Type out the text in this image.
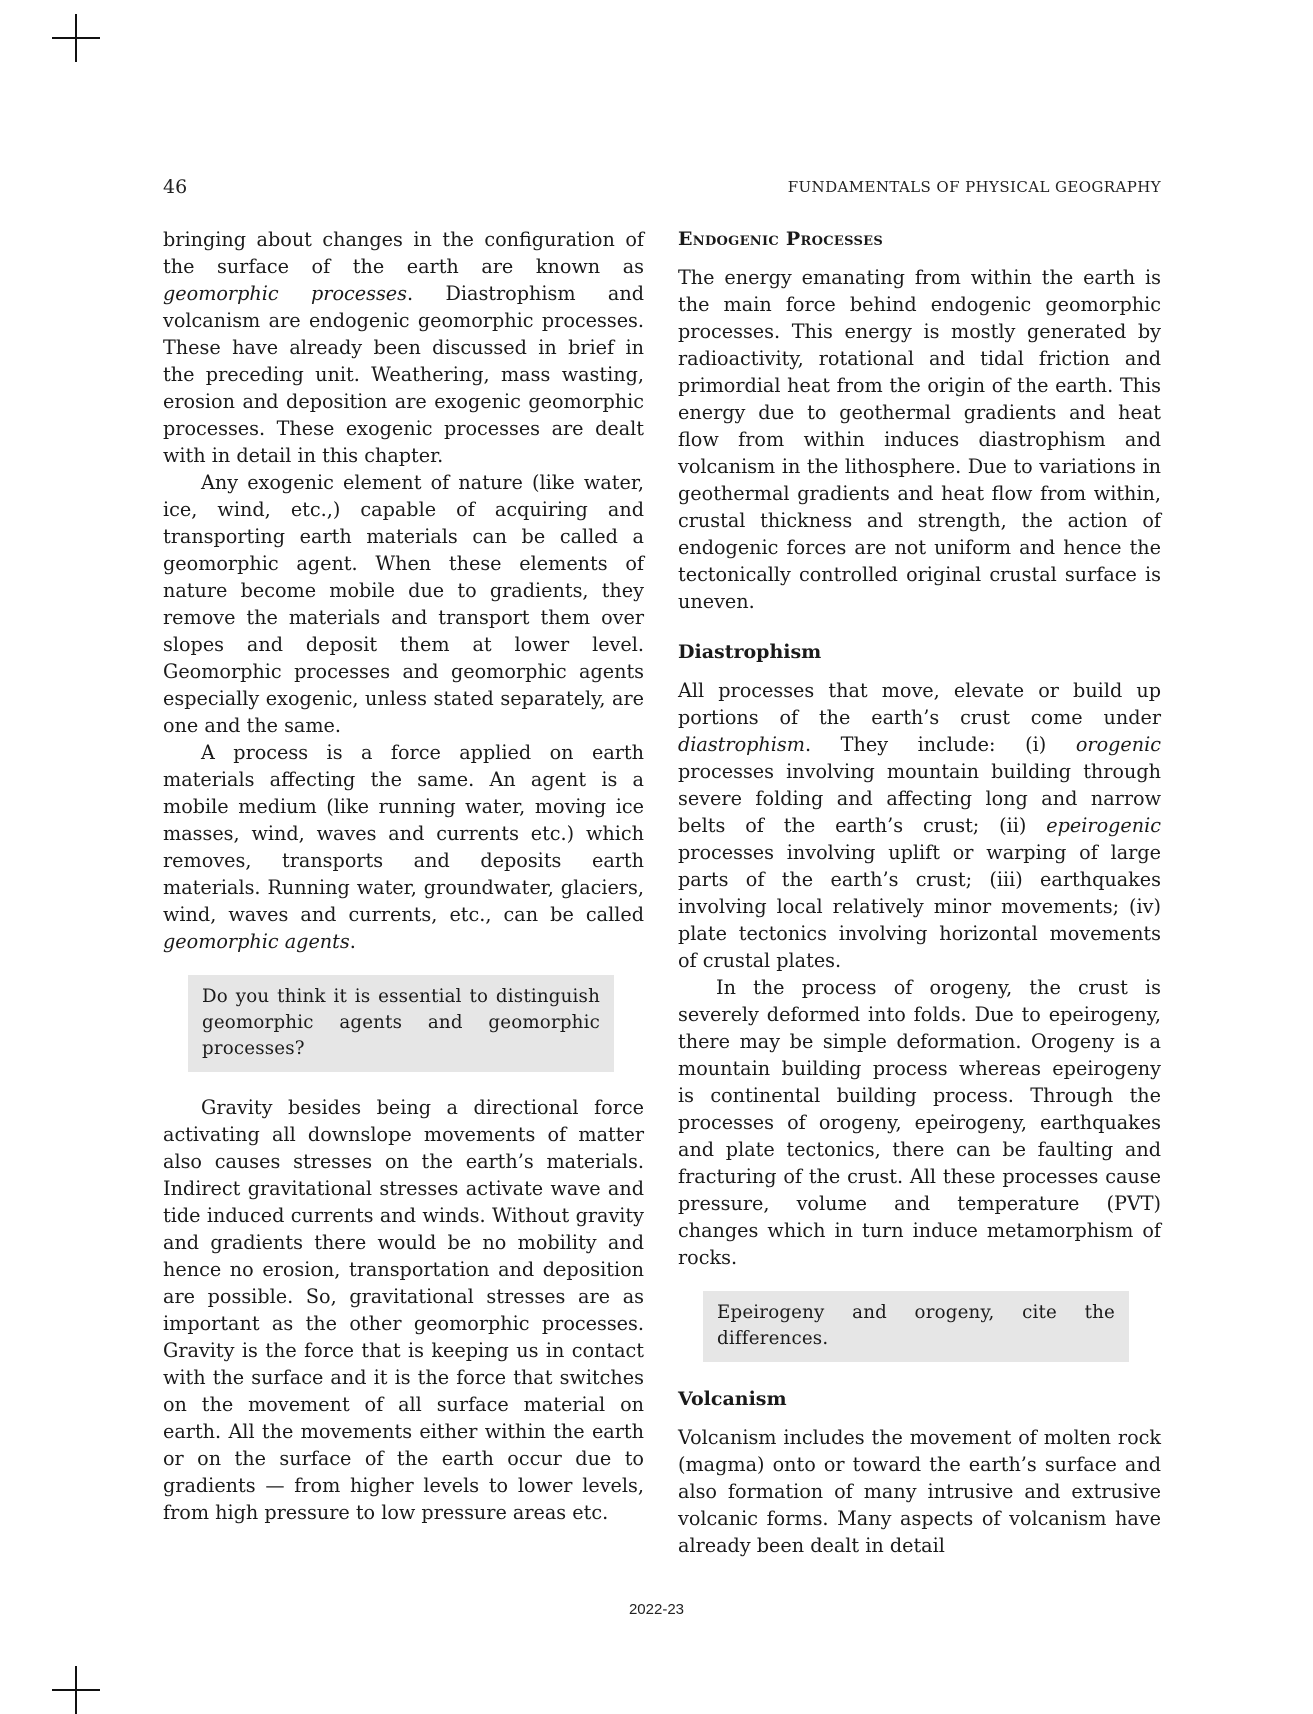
46	FUNDAMENTALS OF PHYSICAL GEOGRAPHY

bringing about changes in the configuration of the surface of the earth are known as geomorphic processes. Diastrophism and volcanism are endogenic geomorphic processes. These have already been discussed in brief in the preceding unit. Weathering, mass wasting, erosion and deposition are exogenic geomorphic processes. These exogenic processes are dealt with in detail in this chapter.

Any exogenic element of nature (like water, ice, wind, etc.,) capable of acquiring and transporting earth materials can be called a geomorphic agent. When these elements of nature become mobile due to gradients, they remove the materials and transport them over slopes and deposit them at lower level. Geomorphic processes and geomorphic agents especially exogenic, unless stated separately, are one and the same.

A process is a force applied on earth materials affecting the same. An agent is a mobile medium (like running water, moving ice masses, wind, waves and currents etc.) which removes, transports and deposits earth materials. Running water, groundwater, glaciers, wind, waves and currents, etc., can be called geomorphic agents.

Do you think it is essential to distinguish geomorphic agents and geomorphic processes?

Gravity besides being a directional force activating all downslope movements of matter also causes stresses on the earth’s materials. Indirect gravitational stresses activate wave and tide induced currents and winds. Without gravity and gradients there would be no mobility and hence no erosion, transportation and deposition are possible. So, gravitational stresses are as important as the other geomorphic processes. Gravity is the force that is keeping us in contact with the surface and it is the force that switches on the movement of all surface material on earth. All the movements either within the earth or on the surface of the earth occur due to gradients — from higher levels to lower levels, from high pressure to low pressure areas etc.

Endogenic Processes

The energy emanating from within the earth is the main force behind endogenic geomorphic processes. This energy is mostly generated by radioactivity, rotational and tidal friction and primordial heat from the origin of the earth. This energy due to geothermal gradients and heat flow from within induces diastrophism and volcanism in the lithosphere. Due to variations in geothermal gradients and heat flow from within, crustal thickness and strength, the action of endogenic forces are not uniform and hence the tectonically controlled original crustal surface is uneven.

Diastrophism

All processes that move, elevate or build up portions of the earth’s crust come under diastrophism. They include: (i) orogenic processes involving mountain building through severe folding and affecting long and narrow belts of the earth’s crust; (ii) epeirogenic processes involving uplift or warping of large parts of the earth’s crust; (iii) earthquakes involving local relatively minor movements; (iv) plate tectonics involving horizontal movements of crustal plates.

In the process of orogeny, the crust is severely deformed into folds. Due to epeirogeny, there may be simple deformation. Orogeny is a mountain building process whereas epeirogeny is continental building process. Through the processes of orogeny, epeirogeny, earthquakes and plate tectonics, there can be faulting and fracturing of the crust. All these processes cause pressure, volume and temperature (PVT) changes which in turn induce metamorphism of rocks.

Epeirogeny and orogeny, cite the differences.
Volcanism

Volcanism includes the movement of molten rock (magma) onto or toward the earth’s surface and also formation of many intrusive and extrusive volcanic forms. Many aspects of volcanism have already been dealt in detail

2022-23
